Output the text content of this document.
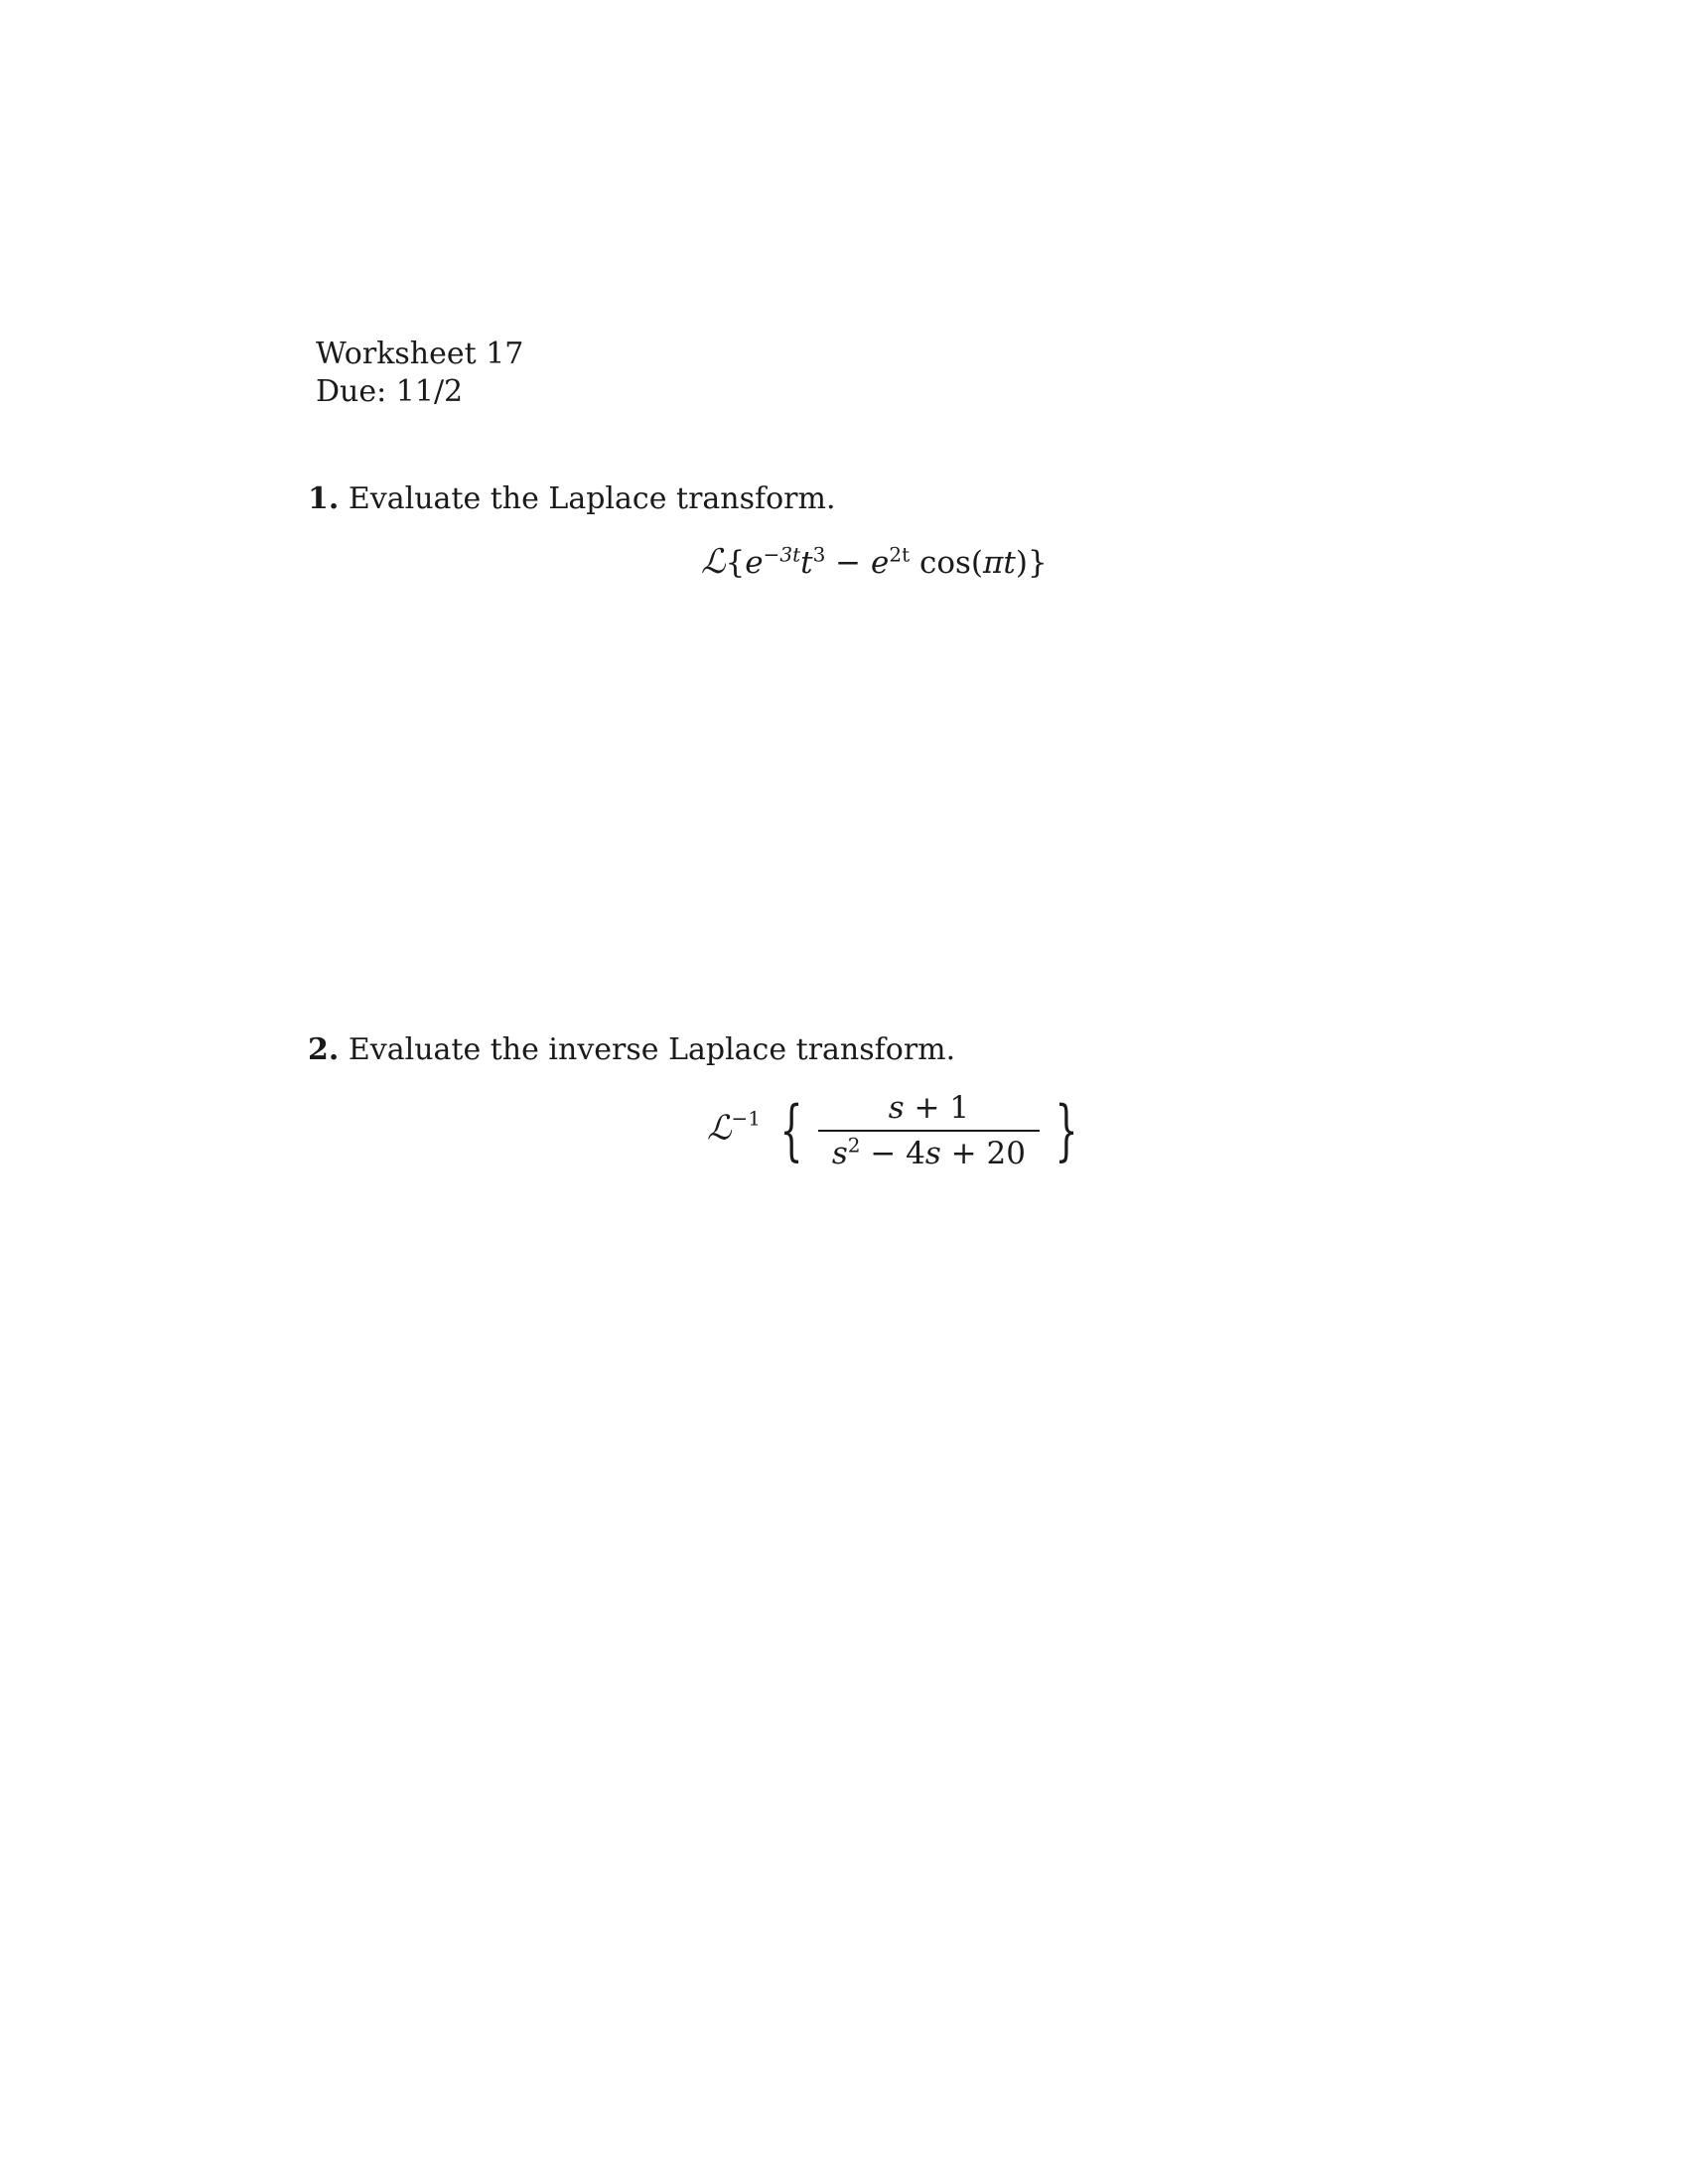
Worksheet 17
Due: 11/2
1. Evaluate the Laplace transform.
$ℒ\{e^{-3t}t^3 - e^{2t}$ cos(πt)}
2. Evaluate the inverse Laplace transform.
ℒ$^{-1}$ { $\frac{s + 1}{s^2 - 4s + 20}$ }
